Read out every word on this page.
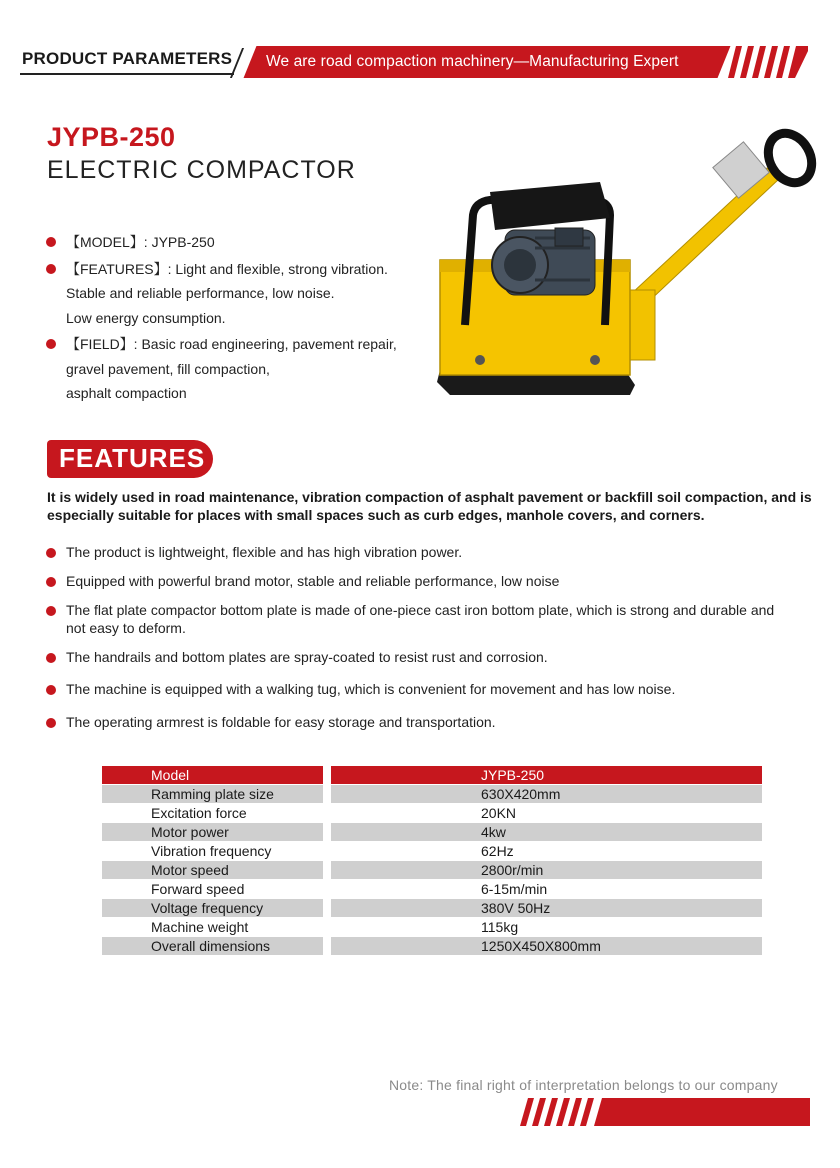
PRODUCT PARAMETERS We are road compaction machinery—Manufacturing Expert
JYPB-250
ELECTRIC COMPACTOR
【MODEL】: JYPB-250
【FEATURES】: Light and flexible, strong vibration.
Stable and reliable performance, low noise.
Low energy consumption.
【FIELD】: Basic road engineering, pavement repair,
gravel pavement, fill compaction,
asphalt compaction
FEATURES
It is widely used in road maintenance, vibration compaction of asphalt pavement or backfill soil compaction, and is especially suitable for places with small spaces such as curb edges, manhole covers, and corners.
The product is lightweight, flexible and has high vibration power.
Equipped with powerful brand motor, stable and reliable performance, low noise
The flat plate compactor bottom plate is made of one-piece cast iron bottom plate, which is strong and durable and not easy to deform.
The handrails and bottom plates are spray-coated to resist rust and corrosion.
The machine is equipped with a walking tug, which is convenient for movement and has low noise.
The operating armrest is foldable for easy storage and transportation.
Model	JYPB-250
Ramming plate size	630X420mm
Excitation force	20KN
Motor power	4kw
Vibration frequency	62Hz
Motor speed	2800r/min
Forward speed	6-15m/min
Voltage frequency	380V 50Hz
Machine weight	115kg
Overall dimensions	1250X450X800mm
Note: The final right of interpretation belongs to our company
